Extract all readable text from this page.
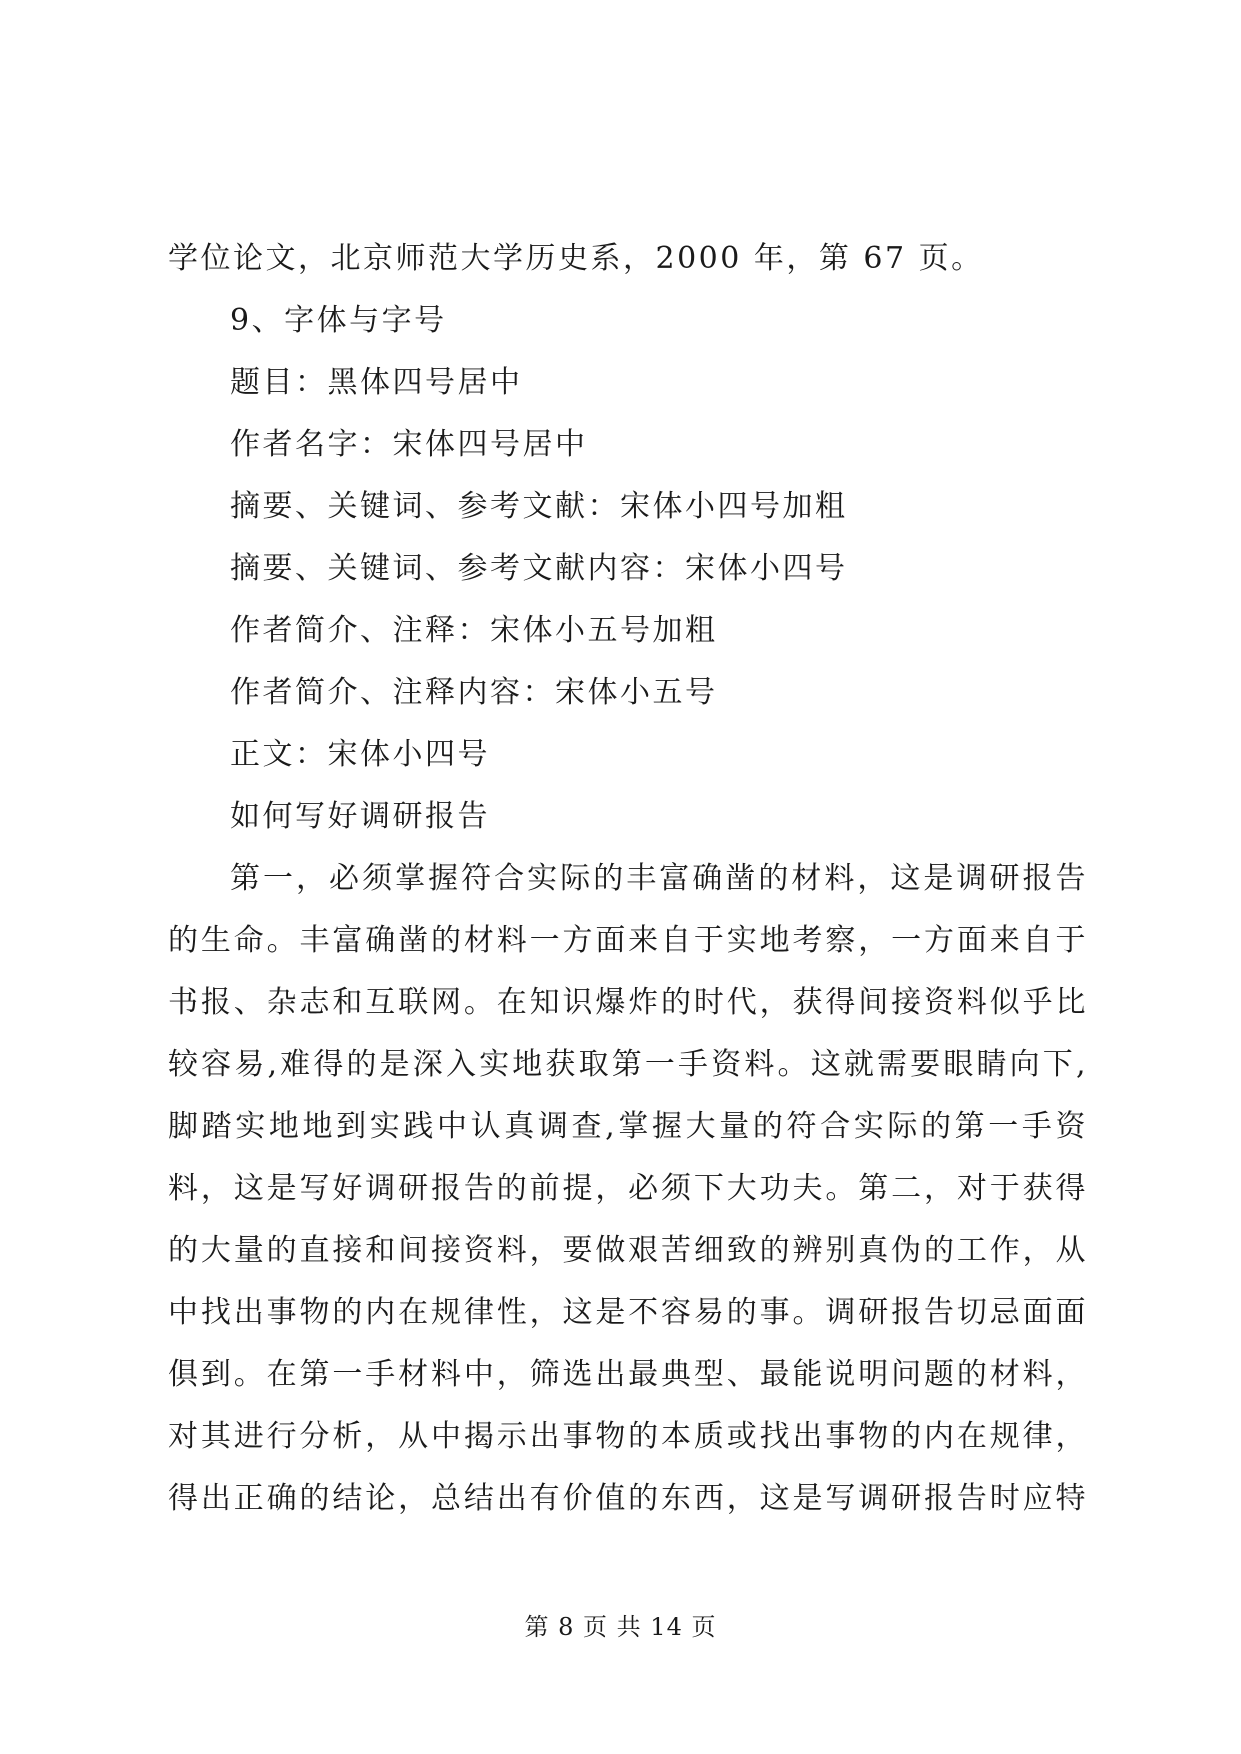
学位论文，北京师范大学历史系，2000 年，第 67 页。
9、字体与字号
题目：黑体四号居中
作者名字：宋体四号居中
摘要、关键词、参考文献：宋体小四号加粗
摘要、关键词、参考文献内容：宋体小四号
作者简介、注释：宋体小五号加粗
作者简介、注释内容：宋体小五号
正文：宋体小四号
如何写好调研报告
第一，必须掌握符合实际的丰富确凿的材料，这是调研报告
的生命。丰富确凿的材料一方面来自于实地考察，一方面来自于
书报、杂志和互联网。在知识爆炸的时代，获得间接资料似乎比
较容易,难得的是深入实地获取第一手资料。这就需要眼睛向下,
脚踏实地地到实践中认真调查,掌握大量的符合实际的第一手资
料，这是写好调研报告的前提，必须下大功夫。第二，对于获得
的大量的直接和间接资料，要做艰苦细致的辨别真伪的工作，从
中找出事物的内在规律性，这是不容易的事。调研报告切忌面面
俱到。在第一手材料中，筛选出最典型、最能说明问题的材料，
对其进行分析，从中揭示出事物的本质或找出事物的内在规律，
得出正确的结论，总结出有价值的东西，这是写调研报告时应特
第 8 页 共 14 页
